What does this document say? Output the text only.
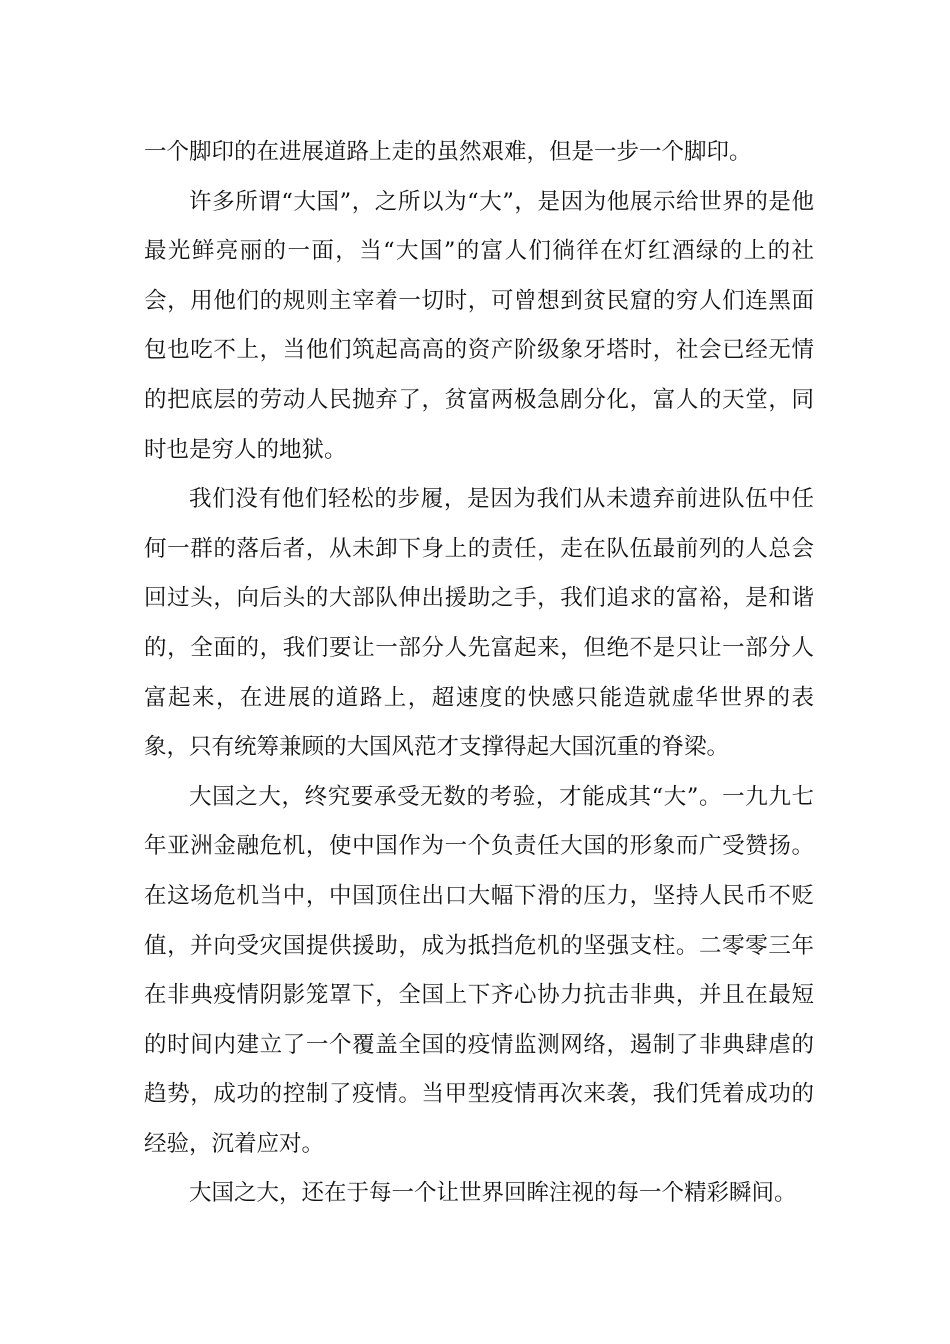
一个脚印的在进展道路上走的虽然艰难，但是一步一个脚印。

许多所谓“大国”，之所以为“大”，是因为他展示给世界的是他最光鲜亮丽的一面，当“大国”的富人们徜徉在灯红酒绿的上的社会，用他们的规则主宰着一切时，可曾想到贫民窟的穷人们连黑面包也吃不上，当他们筑起高高的资产阶级象牙塔时，社会已经无情的把底层的劳动人民抛弃了，贫富两极急剧分化，富人的天堂，同时也是穷人的地狱。

我们没有他们轻松的步履，是因为我们从未遗弃前进队伍中任何一群的落后者，从未卸下身上的责任，走在队伍最前列的人总会回过头，向后头的大部队伸出援助之手，我们追求的富裕，是和谐的，全面的，我们要让一部分人先富起来，但绝不是只让一部分人富起来，在进展的道路上，超速度的快感只能造就虚华世界的表象，只有统筹兼顾的大国风范才支撑得起大国沉重的脊梁。

大国之大，终究要承受无数的考验，才能成其“大”。一九九七年亚洲金融危机，使中国作为一个负责任大国的形象而广受赞扬。在这场危机当中，中国顶住出口大幅下滑的压力，坚持人民币不贬值，并向受灾国提供援助，成为抵挡危机的坚强支柱。二零零三年在非典疫情阴影笼罩下，全国上下齐心协力抗击非典，并且在最短的时间内建立了一个覆盖全国的疫情监测网络，遏制了非典肆虐的趋势，成功的控制了疫情。当甲型疫情再次来袭，我们凭着成功的经验，沉着应对。

大国之大，还在于每一个让世界回眸注视的每一个精彩瞬间。
